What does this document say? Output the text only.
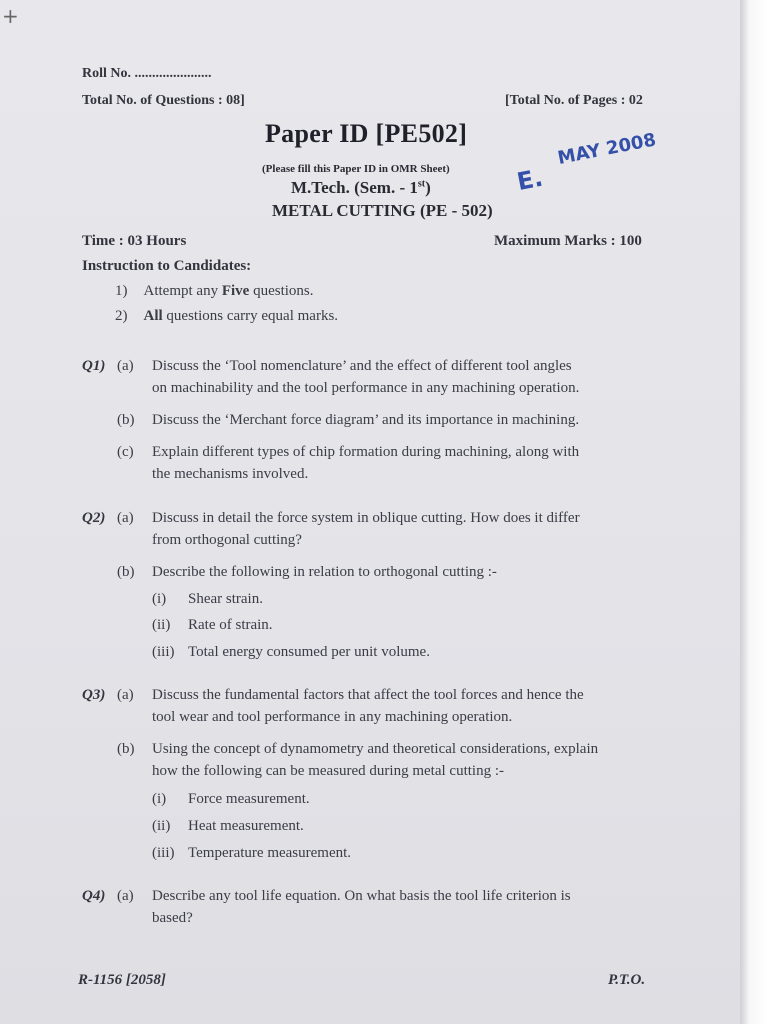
+
Roll No. ......................
Total No. of Questions : 08]	[Total No. of Pages : 02
Paper ID [PE502]
(Please fill this Paper ID in OMR Sheet)
M.Tech. (Sem. - 1st)
METAL CUTTING (PE - 502)
E.
MAY 2008
Time : 03 Hours	Maximum Marks : 100
Instruction to Candidates:
1) Attempt any Five questions.
2) All questions carry equal marks.
Q1) (a) Discuss the ‘Tool nomenclature’ and the effect of different tool angles
on machinability and the tool performance in any machining operation.
(b) Discuss the ‘Merchant force diagram’ and its importance in machining.
(c) Explain different types of chip formation during machining, along with
the mechanisms involved.
Q2) (a) Discuss in detail the force system in oblique cutting. How does it differ
from orthogonal cutting?
(b) Describe the following in relation to orthogonal cutting :-
(i) Shear strain.
(ii) Rate of strain.
(iii) Total energy consumed per unit volume.
Q3) (a) Discuss the fundamental factors that affect the tool forces and hence the
tool wear and tool performance in any machining operation.
(b) Using the concept of dynamometry and theoretical considerations, explain
how the following can be measured during metal cutting :-
(i) Force measurement.
(ii) Heat measurement.
(iii) Temperature measurement.
Q4) (a) Describe any tool life equation. On what basis the tool life criterion is
based?
R-1156 [2058]	P.T.O.
